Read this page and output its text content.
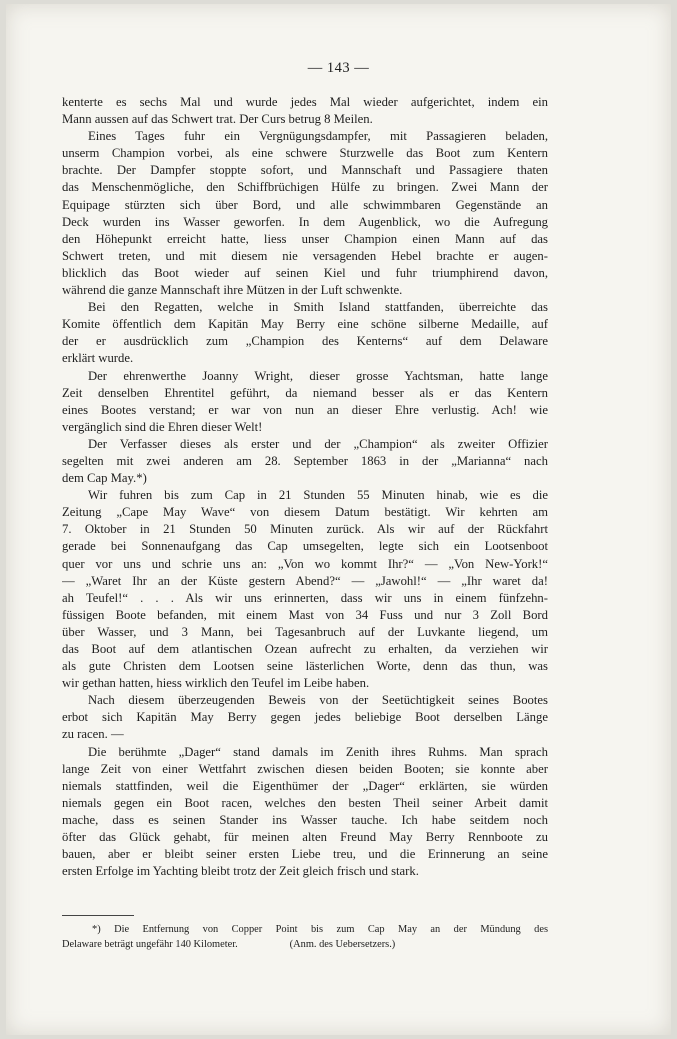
— 143 —
kenterte es sechs Mal und wurde jedes Mal wieder aufgerichtet, indem ein
Mann aussen auf das Schwert trat. Der Curs betrug 8 Meilen.
Eines Tages fuhr ein Vergnügungsdampfer, mit Passagieren beladen,
unserm Champion vorbei, als eine schwere Sturzwelle das Boot zum Kentern
brachte. Der Dampfer stoppte sofort, und Mannschaft und Passagiere thaten
das Menschenmögliche, den Schiffbrüchigen Hülfe zu bringen. Zwei Mann der
Equipage stürzten sich über Bord, und alle schwimmbaren Gegenstände an
Deck wurden ins Wasser geworfen. In dem Augenblick, wo die Aufregung
den Höhepunkt erreicht hatte, liess unser Champion einen Mann auf das
Schwert treten, und mit diesem nie versagenden Hebel brachte er augen-
blicklich das Boot wieder auf seinen Kiel und fuhr triumphirend davon,
während die ganze Mannschaft ihre Mützen in der Luft schwenkte.
Bei den Regatten, welche in Smith Island stattfanden, überreichte das
Komite öffentlich dem Kapitän May Berry eine schöne silberne Medaille, auf
der er ausdrücklich zum „Champion des Kenterns“ auf dem Delaware
erklärt wurde.
Der ehrenwerthe Joanny Wright, dieser grosse Yachtsman, hatte lange
Zeit denselben Ehrentitel geführt, da niemand besser als er das Kentern
eines Bootes verstand; er war von nun an dieser Ehre verlustig. Ach! wie
vergänglich sind die Ehren dieser Welt!
Der Verfasser dieses als erster und der „Champion“ als zweiter Offizier
segelten mit zwei anderen am 28. September 1863 in der „Marianna“ nach
dem Cap May.*)
Wir fuhren bis zum Cap in 21 Stunden 55 Minuten hinab, wie es die
Zeitung „Cape May Wave“ von diesem Datum bestätigt. Wir kehrten am
7. Oktober in 21 Stunden 50 Minuten zurück. Als wir auf der Rückfahrt
gerade bei Sonnenaufgang das Cap umsegelten, legte sich ein Lootsenboot
quer vor uns und schrie uns an: „Von wo kommt Ihr?“ — „Von New-York!“
— „Waret Ihr an der Küste gestern Abend?“ — „Jawohl!“ — „Ihr waret da!
ah Teufel!“ . . . Als wir uns erinnerten, dass wir uns in einem fünfzehn-
füssigen Boote befanden, mit einem Mast von 34 Fuss und nur 3 Zoll Bord
über Wasser, und 3 Mann, bei Tagesanbruch auf der Luvkante liegend, um
das Boot auf dem atlantischen Ozean aufrecht zu erhalten, da verziehen wir
als gute Christen dem Lootsen seine lästerlichen Worte, denn das thun, was
wir gethan hatten, hiess wirklich den Teufel im Leibe haben.
Nach diesem überzeugenden Beweis von der Seetüchtigkeit seines Bootes
erbot sich Kapitän May Berry gegen jedes beliebige Boot derselben Länge
zu racen. —
Die berühmte „Dager“ stand damals im Zenith ihres Ruhms. Man sprach
lange Zeit von einer Wettfahrt zwischen diesen beiden Booten; sie konnte aber
niemals stattfinden, weil die Eigenthümer der „Dager“ erklärten, sie würden
niemals gegen ein Boot racen, welches den besten Theil seiner Arbeit damit
mache, dass es seinen Stander ins Wasser tauche. Ich habe seitdem noch
öfter das Glück gehabt, für meinen alten Freund May Berry Rennboote zu
bauen, aber er bleibt seiner ersten Liebe treu, und die Erinnerung an seine
ersten Erfolge im Yachting bleibt trotz der Zeit gleich frisch und stark.
*) Die Entfernung von Copper Point bis zum Cap May an der Mündung des
Delaware beträgt ungefähr 140 Kilometer.                    (Anm. des Uebersetzers.)
